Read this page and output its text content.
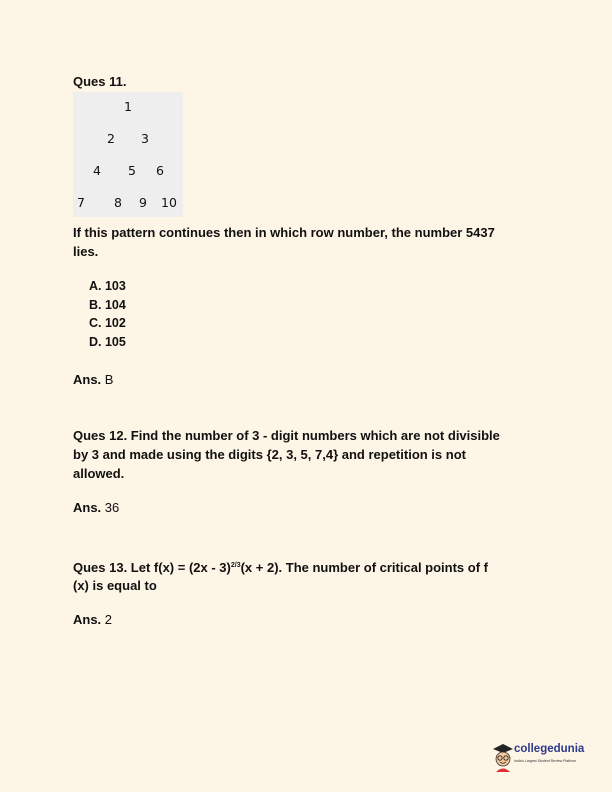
Ques 11.
1
2 3
4 5 6
7 8 9 10
If this pattern continues then in which row number, the number 5437
lies.
A. 103
B. 104
C. 102
D. 105
Ans. B
Ques 12. Find the number of 3 - digit numbers which are not divisible
by 3 and made using the digits {2, 3, 5, 7,4} and repetition is not
allowed.
Ans. 36
Ques 13. Let f(x) = (2x - 3)$^{2/3}$(x + 2). The number of critical points of f
(x) is equal to
Ans. 2
collegedunia
India's Largest Student Review Platform
